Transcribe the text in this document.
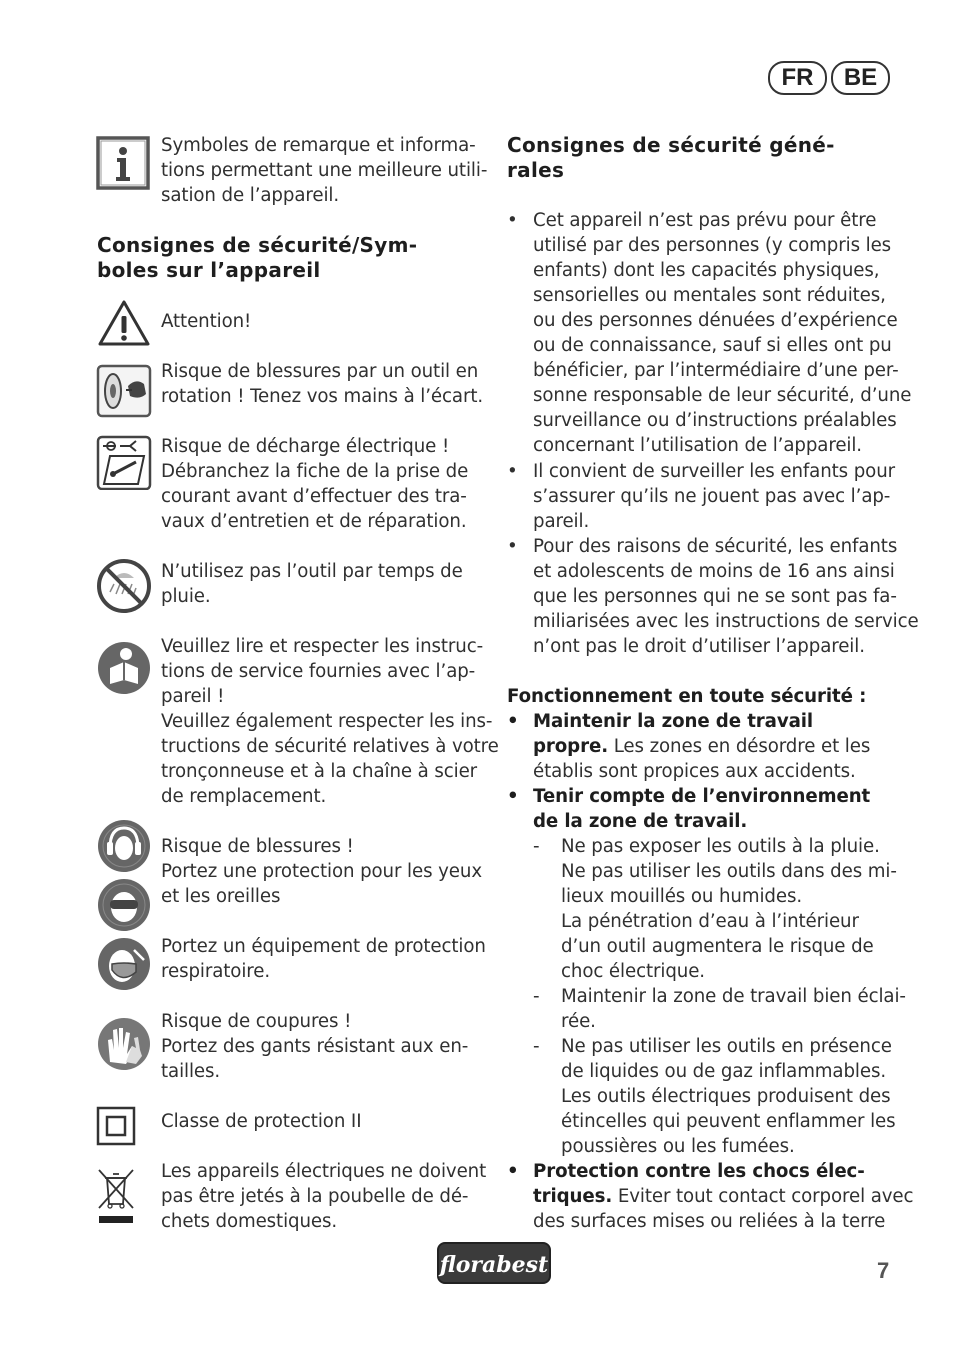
FR	BE
Symboles de remarque et informa-
tions permettant une meilleure utili-
sation de l’appareil.
Consignes de sécurité/Sym-
boles sur l’appareil
Attention!
Risque de blessures par un outil en
rotation ! Tenez vos mains à l’écart.
Risque de décharge électrique !
Débranchez la fiche de la prise de
courant avant d’effectuer des tra-
vaux d’entretien et de réparation.
N’utilisez pas l’outil par temps de
pluie.
Veuillez lire et respecter les instruc-
tions de service fournies avec l’ap-
pareil !
Veuillez également respecter les ins-
tructions de sécurité relatives à votre
tronçonneuse et à la chaîne à scier
de remplacement.
Risque de blessures !
Portez une protection pour les yeux
et les oreilles
Portez un équipement de protection
respiratoire.
Risque de coupures !
Portez des gants résistant aux en-
tailles.
Classe de protection II
Les appareils électriques ne doivent
pas être jetés à la poubelle de dé-
chets domestiques.
Consignes de sécurité géné-
rales
• Cet appareil n’est pas prévu pour être
utilisé par des personnes (y compris les
enfants) dont les capacités physiques,
sensorielles ou mentales sont réduites,
ou des personnes dénuées d’expérience
ou de connaissance, sauf si elles ont pu
bénéficier, par l’intermédiaire d’une per-
sonne responsable de leur sécurité, d’une
surveillance ou d’instructions préalables
concernant l’utilisation de l’appareil.
• Il convient de surveiller les enfants pour
s’assurer qu’ils ne jouent pas avec l’ap-
pareil.
• Pour des raisons de sécurité, les enfants
et adolescents de moins de 16 ans ainsi
que les personnes qui ne se sont pas fa-
miliarisées avec les instructions de service
n’ont pas le droit d’utiliser l’appareil.
Fonctionnement en toute sécurité :
• Maintenir la zone de travail
propre. Les zones en désordre et les
établis sont propices aux accidents.
• Tenir compte de l’environnement
de la zone de travail.
- Ne pas exposer les outils à la pluie.
Ne pas utiliser les outils dans des mi-
lieux mouillés ou humides.
La pénétration d’eau à l’intérieur
d’un outil augmentera le risque de
choc électrique.
- Maintenir la zone de travail bien éclai-
rée.
- Ne pas utiliser les outils en présence
de liquides ou de gaz inflammables.
Les outils électriques produisent des
étincelles qui peuvent enflammer les
poussières ou les fumées.
• Protection contre les chocs élec-
triques. Eviter tout contact corporel avec
des surfaces mises ou reliées à la terre
florabest	7
